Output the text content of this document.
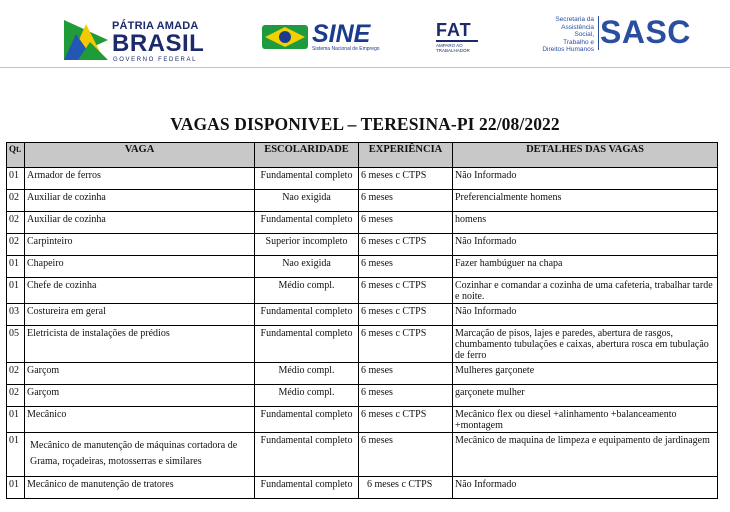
PÁTRIA AMADA
BRASIL
GOVERNO FEDERAL
SINE
Sistema Nacional de Emprego
FAT
AMPARO AO TRABALHADOR
Secretaria da
Assistência Social,
Trabalho e
Direitos Humanos SASC
VAGAS DISPONIVEL – TERESINA-PI 22/08/2022
Qt.	VAGA	ESCOLARIDADE	EXPERIÊNCIA	DETALHES DAS VAGAS
01	Armador de ferros	Fundamental completo	6 meses c CTPS	Não Informado
02	Auxiliar de cozinha	Nao exigida	6 meses	Preferencialmente homens
02	Auxiliar de cozinha	Fundamental completo	6 meses	homens
02	Carpinteiro	Superior incompleto	6 meses c CTPS	Não Informado
01	Chapeiro	Nao exigida	6 meses	Fazer hambúguer na chapa
01	Chefe de cozinha	Médio compl.	6 meses c CTPS	Cozinhar e comandar a cozinha de uma cafeteria, trabalhar tarde e noite.
03	Costureira em geral	Fundamental completo	6 meses c CTPS	Não Informado
05	Eletricista de instalações de prédios	Fundamental completo	6 meses c CTPS	Marcação de pisos, lajes e paredes, abertura de rasgos, chumbamento tubulações e caixas, abertura rosca em tubulação de ferro
02	Garçom	Médio compl.	6 meses	Mulheres garçonete
02	Garçom	Médio compl.	6 meses	garçonete mulher
01	Mecânico	Fundamental completo	6 meses c CTPS	Mecânico flex ou diesel +alinhamento +balanceamento +montagem
01	Mecânico de manutenção de máquinas cortadora de Grama, roçadeiras, motosserras e similares	Fundamental completo	6 meses	Mecânico de maquina de limpeza e equipamento de jardinagem
01	Mecânico de manutenção de tratores	Fundamental completo	6 meses c CTPS	Não Informado
